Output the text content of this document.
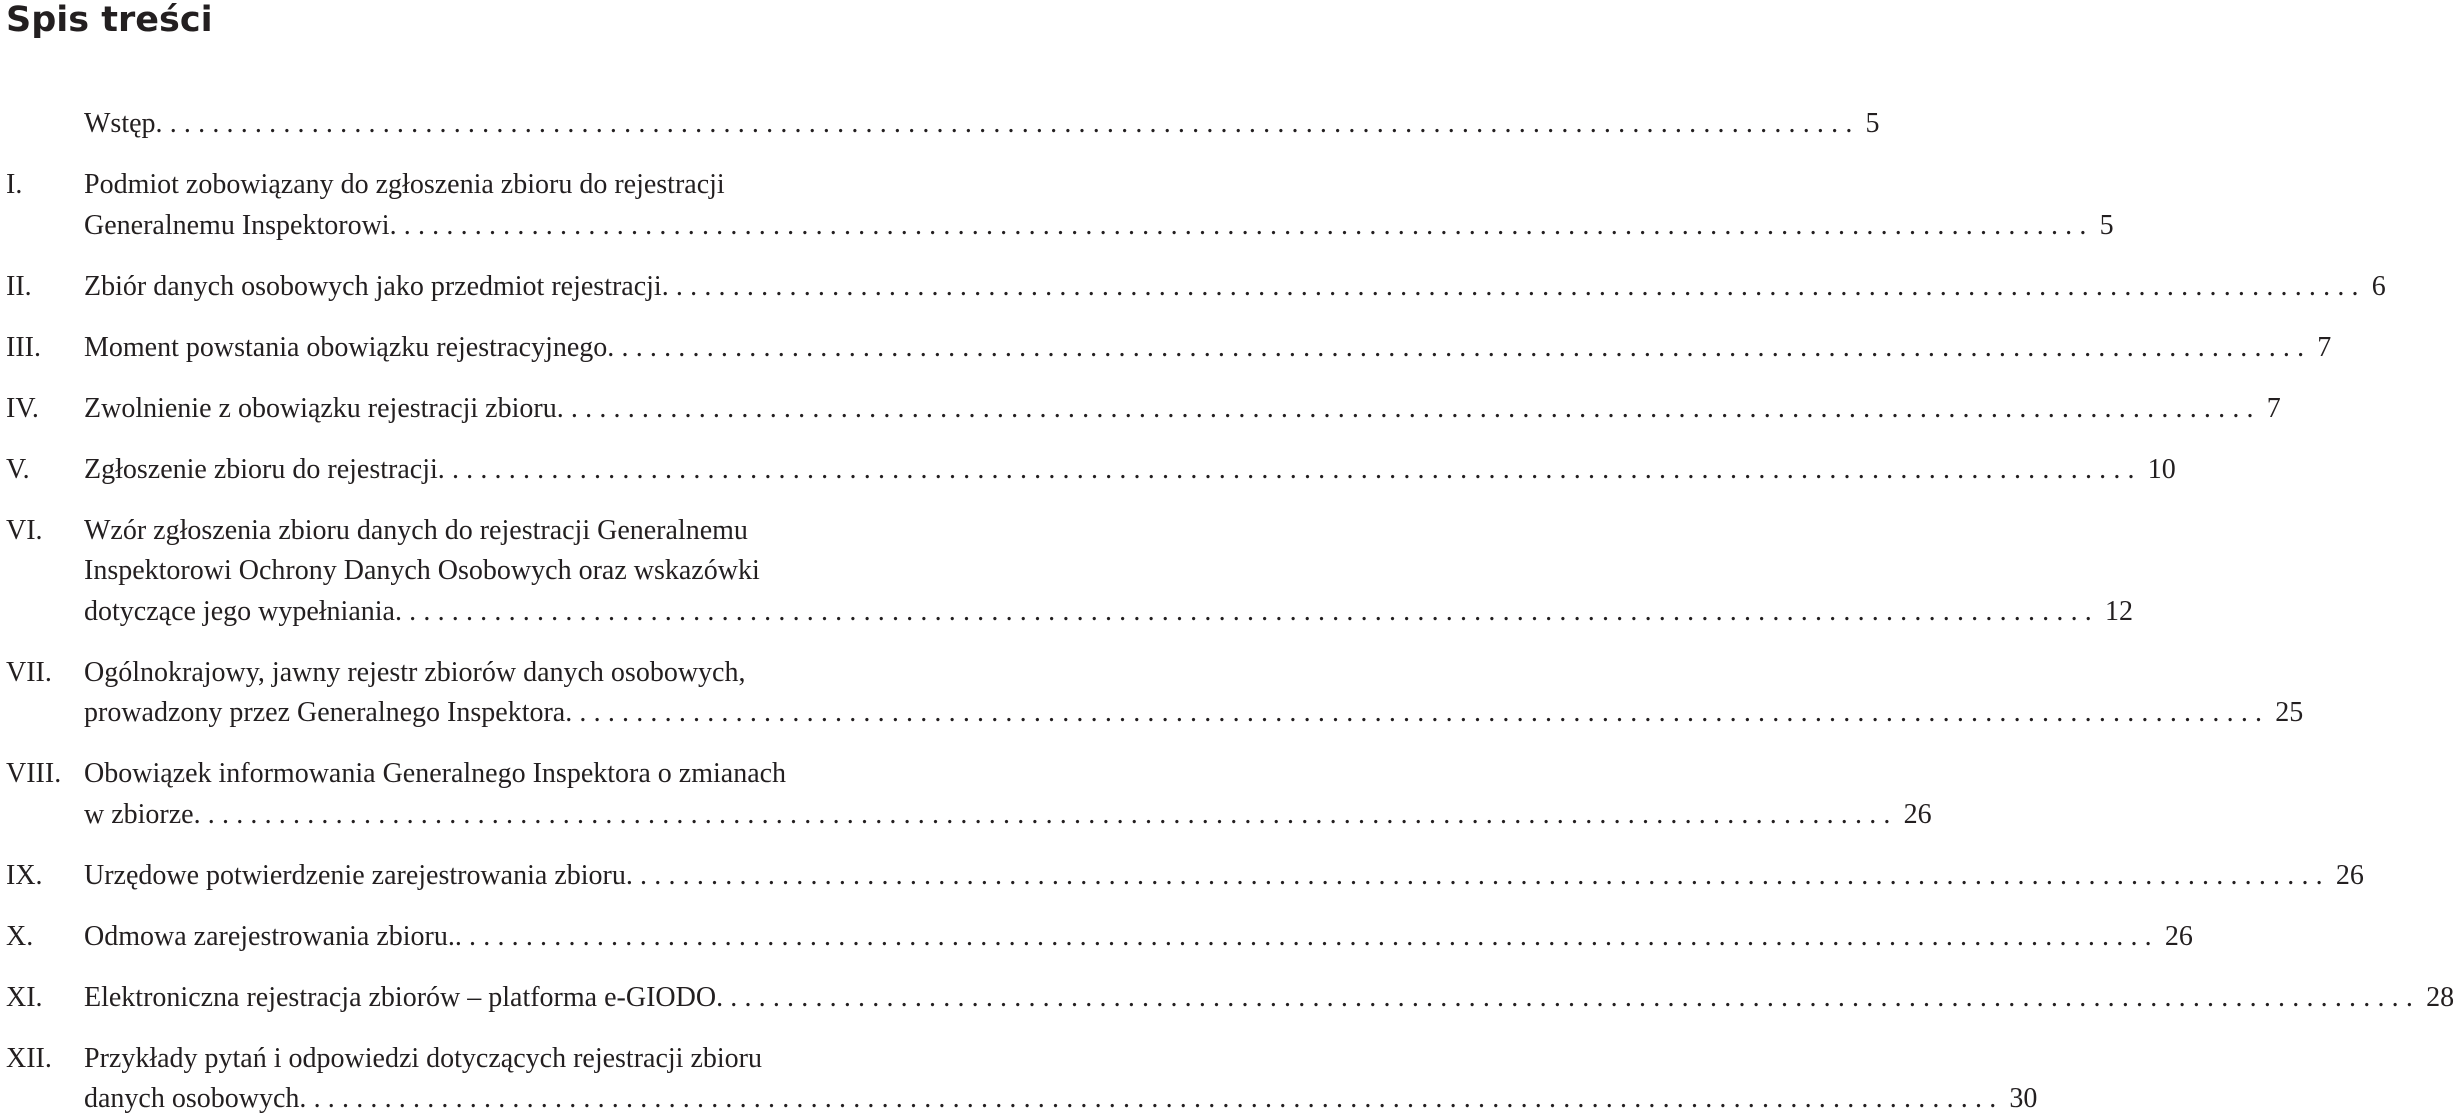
Spis treści
Wstęp ........................................................................................................................ 5
I. Podmiot zobowiązany do zgłoszenia zbioru do rejestracji
Generalnemu Inspektorowi ........................................................................................................................ 5
II. Zbiór danych osobowych jako przedmiot rejestracji ........................................................................................................................ 6
III. Moment powstania obowiązku rejestracyjnego ........................................................................................................................ 7
IV. Zwolnienie z obowiązku rejestracji zbioru ........................................................................................................................ 7
V. Zgłoszenie zbioru do rejestracji ........................................................................................................................ 10
VI. Wzór zgłoszenia zbioru danych do rejestracji Generalnemu
Inspektorowi Ochrony Danych Osobowych oraz wskazówki
dotyczące jego wypełniania ........................................................................................................................ 12
VII. Ogólnokrajowy, jawny rejestr zbiorów danych osobowych,
prowadzony przez Generalnego Inspektora ........................................................................................................................ 25
VIII. Obowiązek informowania Generalnego Inspektora o zmianach
w zbiorze ........................................................................................................................ 26
IX. Urzędowe potwierdzenie zarejestrowania zbioru ........................................................................................................................ 26
X. Odmowa zarejestrowania zbioru. ........................................................................................................................ 26
XI. Elektroniczna rejestracja zbiorów – platforma e-GIODO ........................................................................................................................ 28
XII. Przykłady pytań i odpowiedzi dotyczących rejestracji zbioru
danych osobowych ........................................................................................................................ 30
